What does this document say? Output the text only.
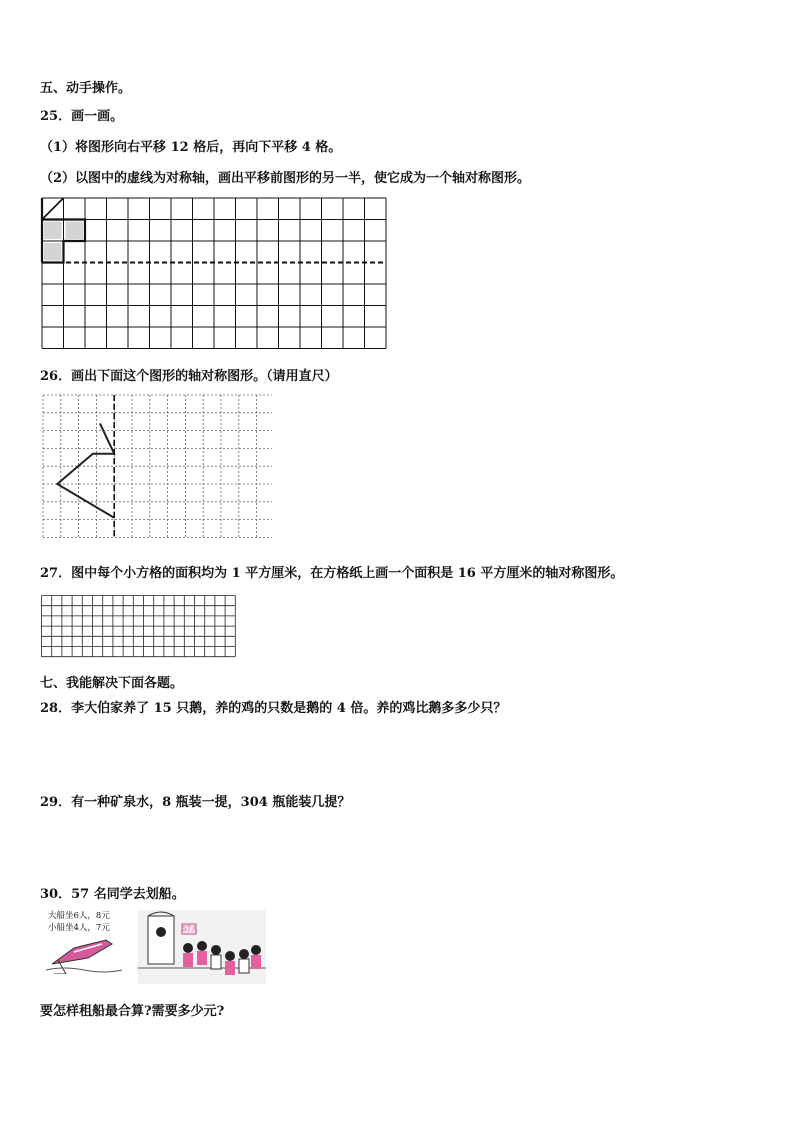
五、动手操作。
25．画一画。
（1）将图形向右平移 12 格后，再向下平移 4 格。
（2）以图中的虚线为对称轴，画出平移前图形的另一半，使它成为一个轴对称图形。
26．画出下面这个图形的轴对称图形。（请用直尺）
27．图中每个小方格的面积均为 1 平方厘米，在方格纸上画一个面积是 16 平方厘米的轴对称图形。
七、我能解决下面各题。
28．李大伯家养了 15 只鹅，养的鸡的只数是鹅的 4 倍。养的鸡比鹅多多少只？
29．有一种矿泉水，8 瓶装一提，304 瓶能装几提？
30．57 名同学去划船。
大船坐6人，8元
小船坐4人，7元	57人
要怎样租船最合算?需要多少元?
